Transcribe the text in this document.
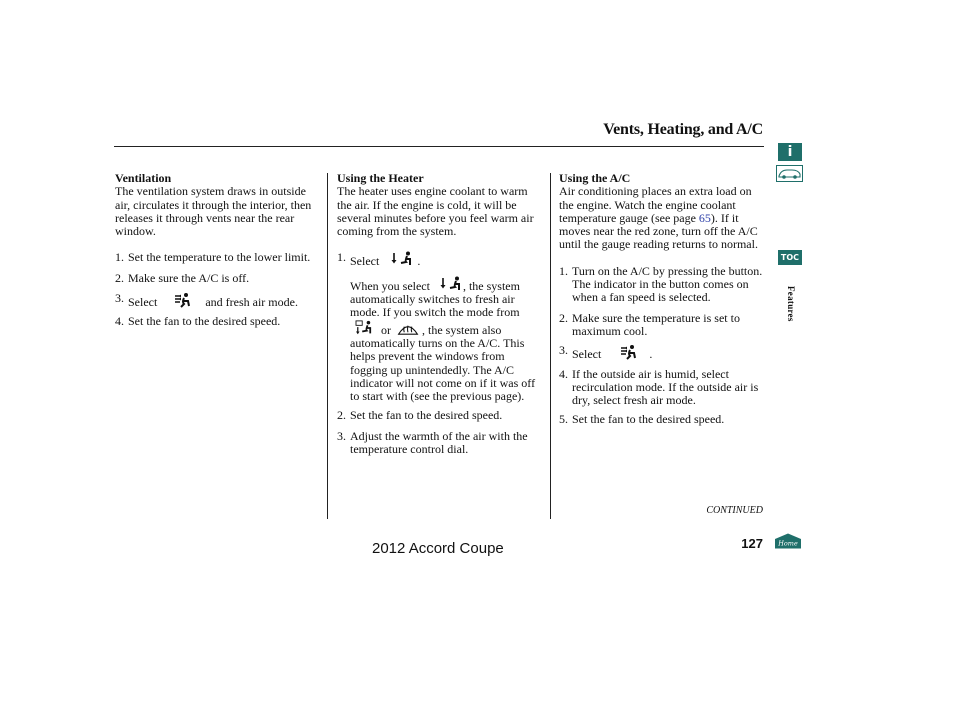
Vents, Heating, and A/C
Ventilation

The ventilation system draws in outside air, circulates it through the interior, then releases it through vents near the rear window.

1. Set the temperature to the lower limit.

2. Make sure the A/C is off.

3. Select	and fresh air mode.

4. Set the fan to the desired speed.

Using the Heater

The heater uses engine coolant to warm the air. If the engine is cold, it will be several minutes before you feel warm air coming from the system.

1. Select	.

When you select	, the system automatically switches to fresh air mode. If you switch the mode from  or	, the system also automatically turns on the A/C. This helps prevent the windows from fogging up unintendedly. The A/C indicator will not come on if it was off to start with (see the previous page).

2. Set the fan to the desired speed.

3. Adjust the warmth of the air with the temperature control dial.

Using the A/C

Air conditioning places an extra load on the engine. Watch the engine coolant temperature gauge (see page 65). If it moves near the red zone, turn off the A/C until the gauge reading returns to normal.

1. Turn on the A/C by pressing the button. The indicator in the button comes on when a fan speed is selected.

2. Make sure the temperature is set to maximum cool.

3. Select	.

4. If the outside air is humid, select recirculation mode. If the outside air is dry, select fresh air mode.

5. Set the fan to the desired speed.

i
TOC
Features
CONTINUED
2012 Accord Coupe	127 Home
